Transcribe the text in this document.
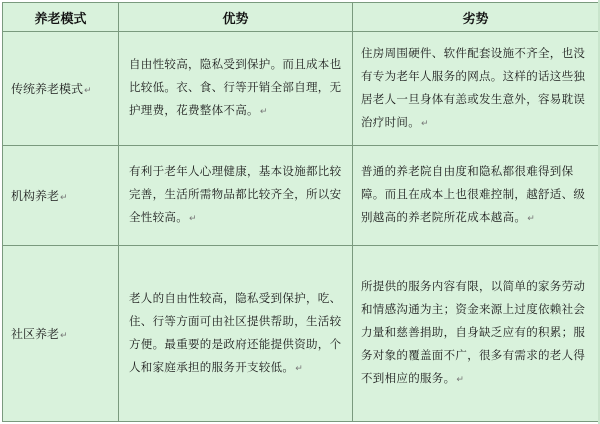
养老模式	优势	劣势
传统养老模式↵	自由性较高，隐私受到保护。而且成本也比较低。衣、食、行等开销全部自理，无护理费，花费整体不高。↵	住房周围硬件、软件配套设施不齐全，也没有专为老年人服务的网点。这样的话这些独居老人一旦身体有恙或发生意外，容易耽误治疗时间。↵
机构养老↵	有利于老年人心理健康，基本设施都比较完善，生活所需物品都比较齐全，所以安全性较高。↵	普通的养老院自由度和隐私都很难得到保障。而且在成本上也很难控制，越舒适、级别越高的养老院所花成本越高。↵
社区养老↵	老人的自由性较高，隐私受到保护，吃、住、行等方面可由社区提供帮助，生活较方便。最重要的是政府还能提供资助，个人和家庭承担的服务开支较低。↵	所提供的服务内容有限，以简单的家务劳动和情感沟通为主；资金来源上过度依赖社会力量和慈善捐助，自身缺乏应有的积累；服务对象的覆盖面不广，很多有需求的老人得不到相应的服务。↵
